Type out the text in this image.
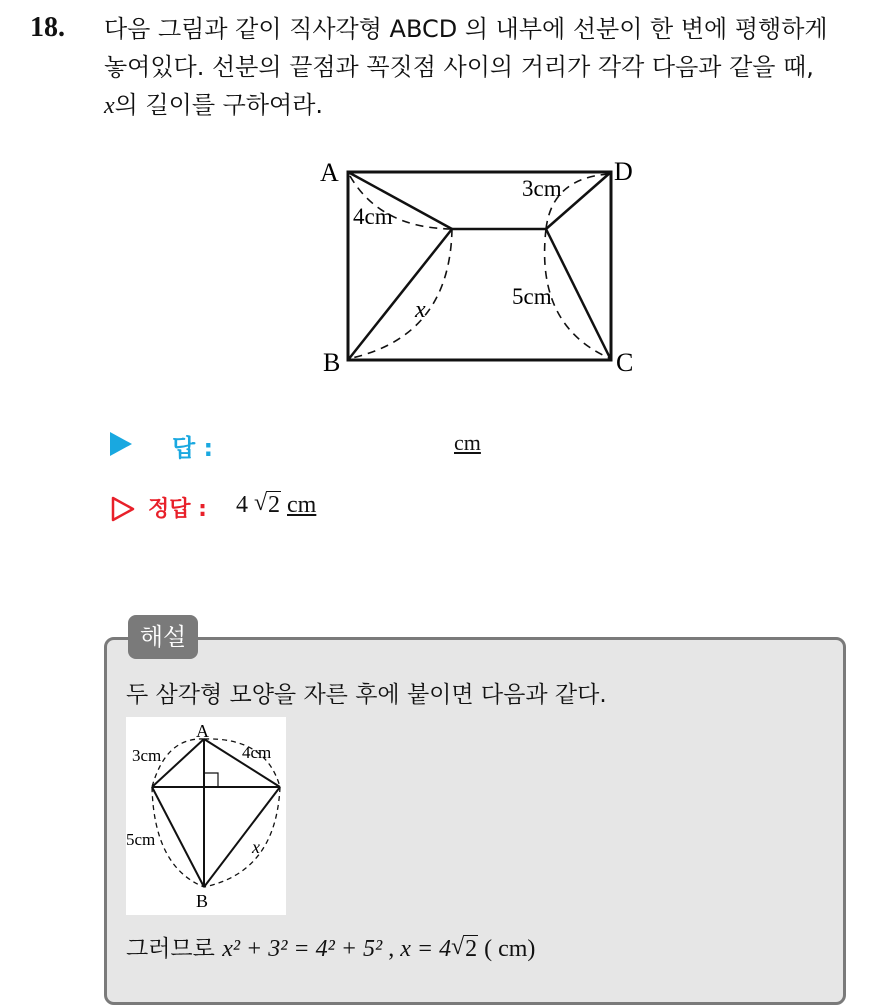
18. 다음 그림과 같이 직사각형 ABCD 의 내부에 선분이 한 변에 평행하게
놓여있다. 선분의 끝점과 꼭짓점 사이의 거리가 각각 다음과 같을 때,
x의 길이를 구하여라.
A
B	C
D
4cm
3cm
5cm
x
답 :	cm
정답 : 4 √ 2 cm
해설
두 삼각형 모양을 자른 후에 붙이면 다음과 같다.
A
B
3cm	4cm
5cm	x
그러므로 x² + 3² = 4² + 5² , x = 4 √ 2 ( cm)
